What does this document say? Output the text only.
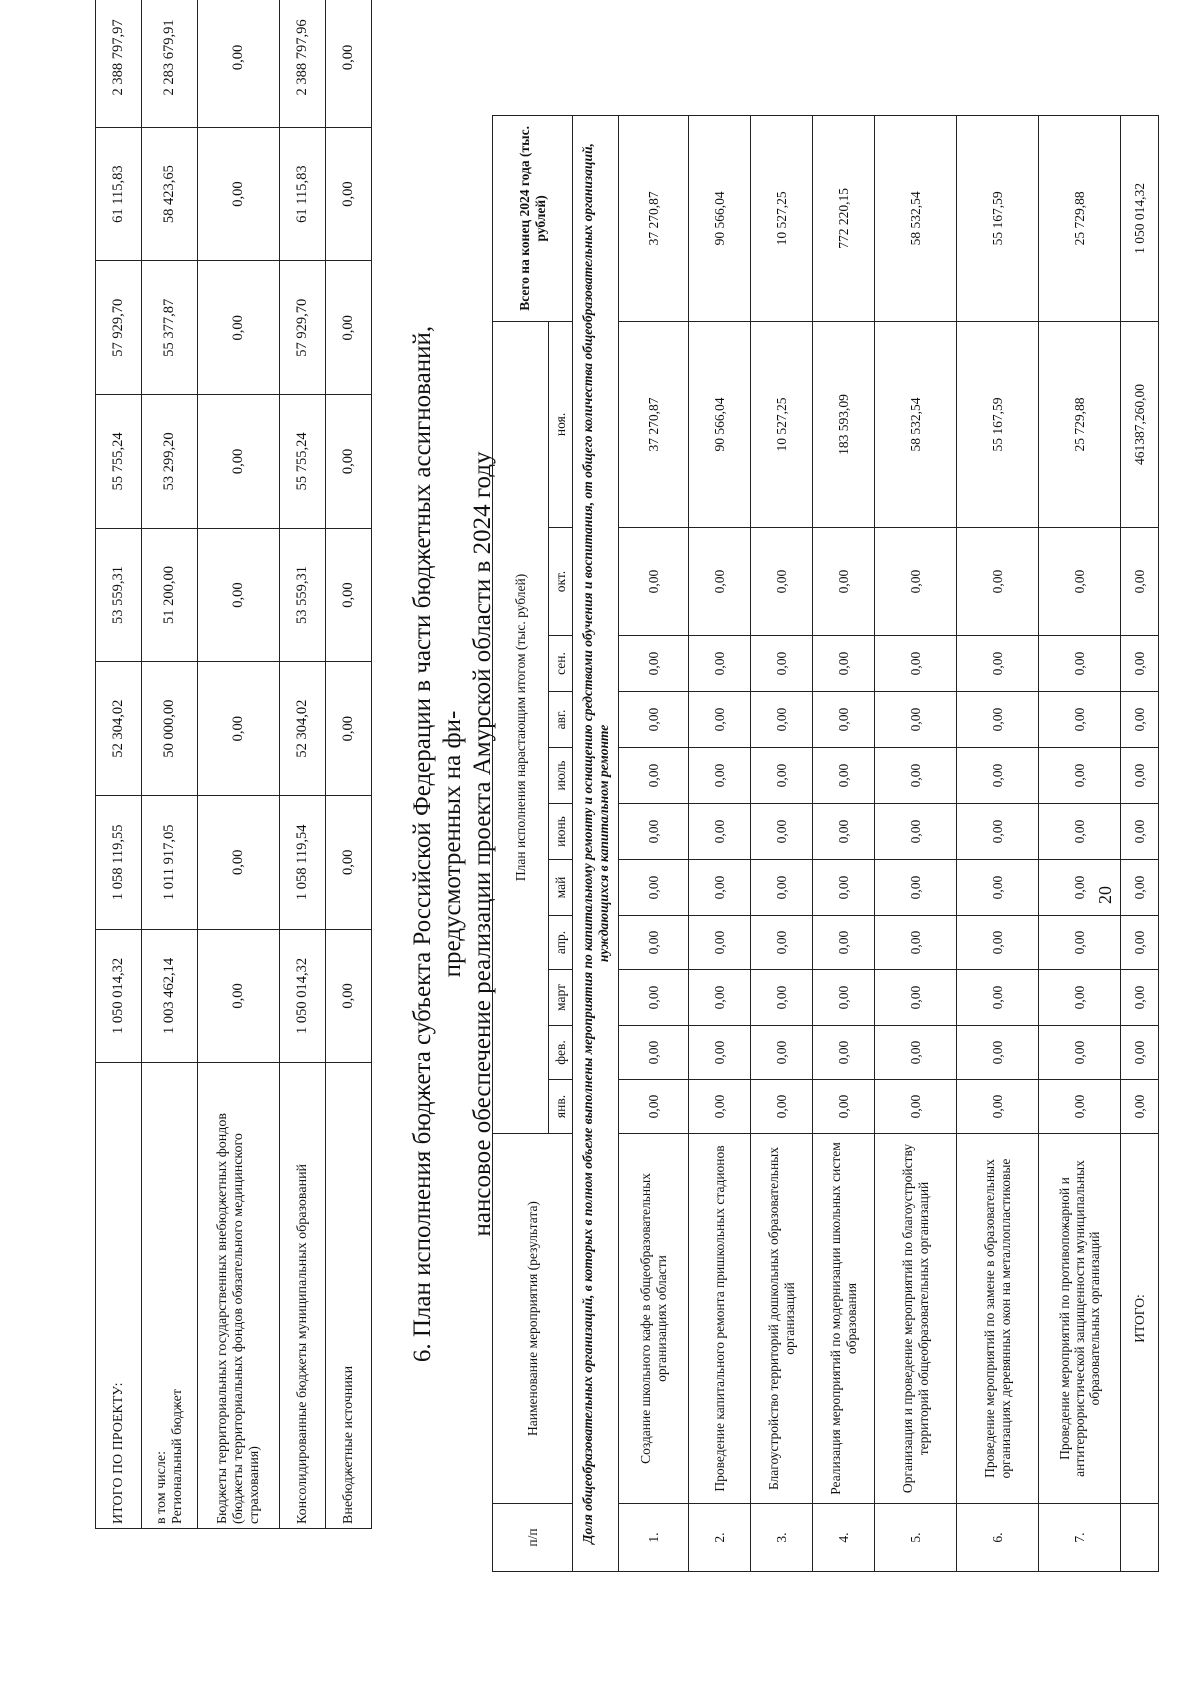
20
ИТОГО ПО ПРОЕКТУ:	1 050 014,32	1 058 119,55	52 304,02	53 559,31	55 755,24	57 929,70	61 115,83	2 388 797,97

в том числе: Региональный бюджет	1 003 462,14	1 011 917,05	50 000,00	51 200,00	53 299,20	55 377,87	58 423,65	2 283 679,91
Бюджеты территориальных государственных внебюджетных фондов (бюджеты территориальных фондов обязательного медицинского страхования)	0,00	0,00	0,00	0,00	0,00	0,00	0,00	0,00
Консолидированные бюджеты муниципальных образований	1 050 014,32	1 058 119,54	52 304,02	53 559,31	55 755,24	57 929,70	61 115,83	2 388 797,96
Внебюджетные источники	0,00	0,00	0,00	0,00	0,00	0,00	0,00	0,00
6. План исполнения бюджета субъекта Российской Федерации в части бюджетных ассигнований, предусмотренных на фи- нансовое обеспечение реализации проекта Амурской области в 2024 году
п/п	Наименование мероприятия (результата)	План исполнения нарастающим итогом (тыс. рублей)											Всего на конец 2024 года (тыс. рублей)
		янв.	фев.	март	апр.	май	июнь	июль	авг.	сен.	окт.	ноя.	
Доля общеобразовательных организаций, в которых в полном объеме выполнены мероприятия по капитальному ремонту и оснащению средствами обучения и воспитания, от общего количества общеобразовательных организаций, нуждающихся в капитальном ремонте													
1.	Создание школьного кафе в общеобразовательных организациях области	0,00	0,00	0,00	0,00	0,00	0,00	0,00	0,00	0,00	0,00	37 270,87	37 270,87
2.	Проведение капитального ремонта пришкольных стадионов	0,00	0,00	0,00	0,00	0,00	0,00	0,00	0,00	0,00	0,00	90 566,04	90 566,04
3.	Благоустройство территорий дошкольных образовательных организаций	0,00	0,00	0,00	0,00	0,00	0,00	0,00	0,00	0,00	0,00	10 527,25	10 527,25
4.	Реализация мероприятий по модернизации школьных систем образования	0,00	0,00	0,00	0,00	0,00	0,00	0,00	0,00	0,00	0,00	183 593,09	772 220,15
5.	Организация и проведение мероприятий по благоустройству территорий общеобразовательных организаций	0,00	0,00	0,00	0,00	0,00	0,00	0,00	0,00	0,00	0,00	58 532,54	58 532,54
6.	Проведение мероприятий по замене в образовательных организациях деревянных окон на металлопластиковые	0,00	0,00	0,00	0,00	0,00	0,00	0,00	0,00	0,00	0,00	55 167,59	55 167,59
7.	Проведение мероприятий по противопожарной и антитеррористической защищенности муниципальных образовательных организаций	0,00	0,00	0,00	0,00	0,00	0,00	0,00	0,00	0,00	0,00	25 729,88	25 729,88
	ИТОГО:	0,00	0,00	0,00	0,00	0,00	0,00	0,00	0,00	0,00	0,00	461387,260,00	1 050 014,32
